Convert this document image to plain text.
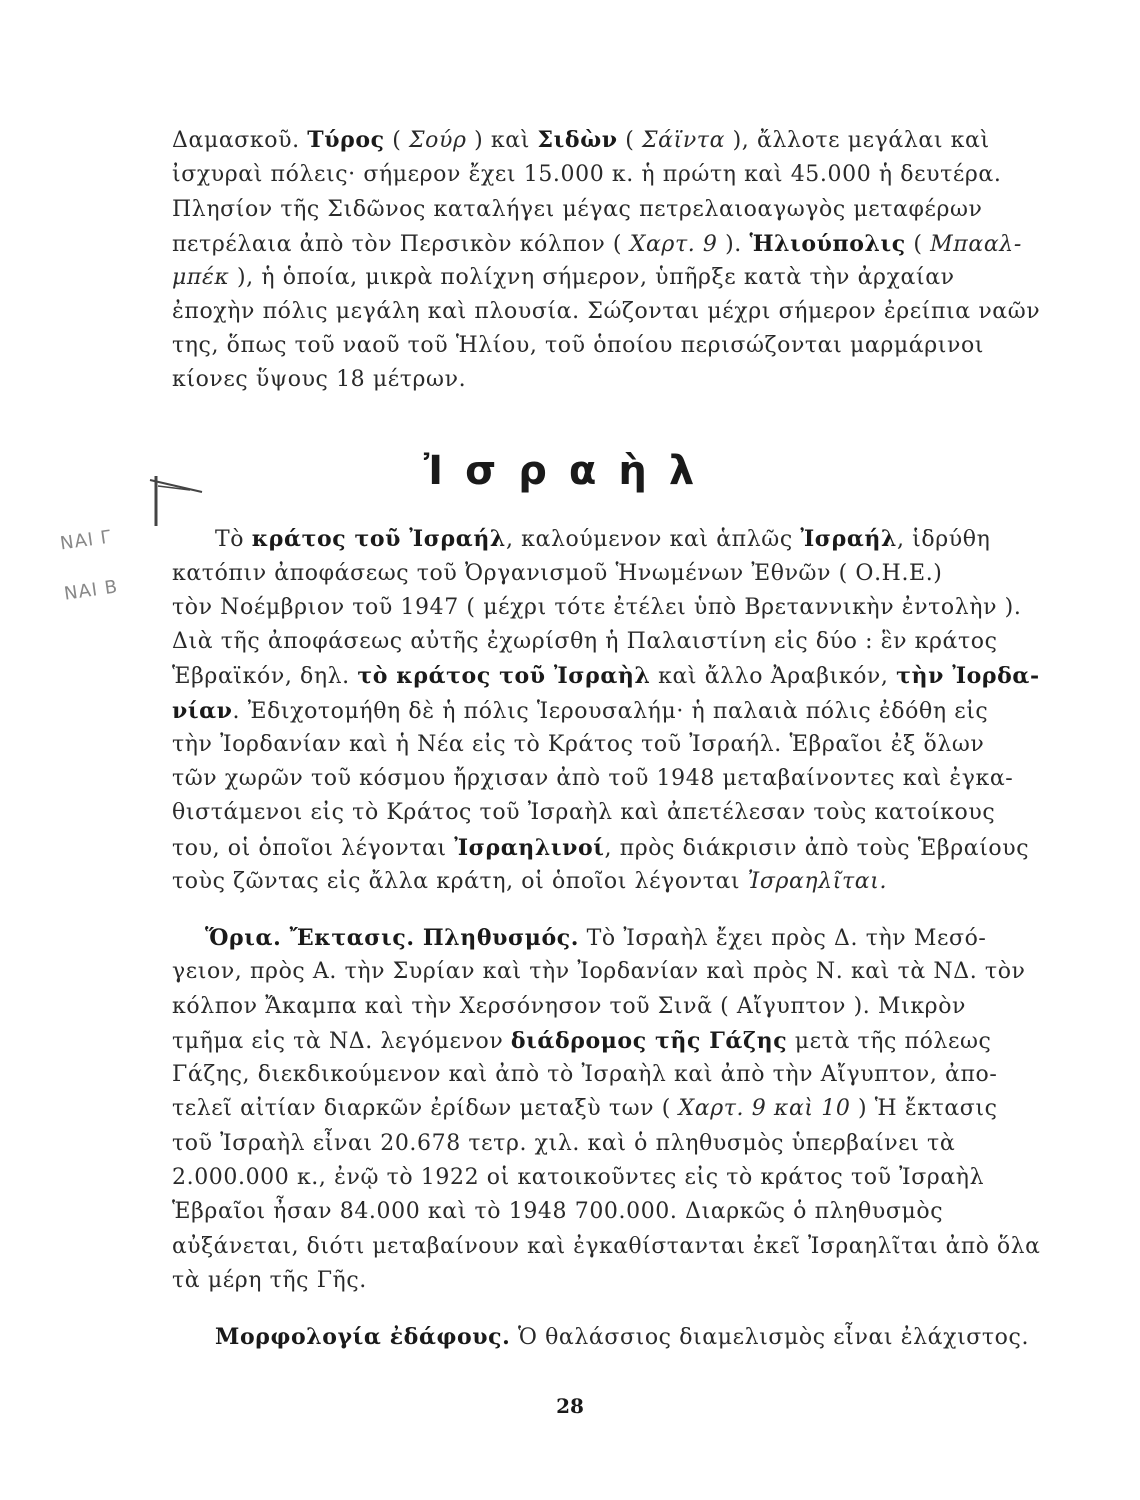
Δαμασκοῦ. Τύρος ( Σούρ ) καὶ Σιδὼν ( Σάϊντα ), ἄλλοτε μεγάλαι καὶ
ἰσχυραὶ πόλεις· σήμερον ἔχει 15.000 κ. ἡ πρώτη καὶ 45.000 ἡ δευτέρα.
Πλησίον τῆς Σιδῶνος καταλήγει μέγας πετρελαιοαγωγὸς μεταφέρων
πετρέλαια ἀπὸ τὸν Περσικὸν κόλπον ( Χαρτ. 9 ). Ἡλιούπολις ( Μπααλ-
μπέκ ), ἡ ὁποία, μικρὰ πολίχνη σήμερον, ὑπῆρξε κατὰ τὴν ἀρχαίαν
ἐποχὴν πόλις μεγάλη καὶ πλουσία. Σώζονται μέχρι σήμερον ἐρείπια ναῶν
της, ὅπως τοῦ ναοῦ τοῦ Ἡλίου, τοῦ ὁποίου περισώζονται μαρμάρινοι
κίονες ὕψους 18 μέτρων.
Ἰσραὴλ
ΝΑΙ Γ
ΝΑΙ Β
Τὸ κράτος τοῦ Ἰσραήλ, καλούμενον καὶ ἁπλῶς Ἰσραήλ, ἱδρύθη
κατόπιν ἀποφάσεως τοῦ Ὀργανισμοῦ Ἡνωμένων Ἐθνῶν ( Ο.Η.Ε.)
τὸν Νοέμβριον τοῦ 1947 ( μέχρι τότε ἐτέλει ὑπὸ Βρεταννικὴν ἐντολὴν ).
Διὰ τῆς ἀποφάσεως αὐτῆς ἐχωρίσθη ἡ Παλαιστίνη εἰς δύο : ἓν κράτος
Ἑβραϊκόν, δηλ. τὸ κράτος τοῦ Ἰσραὴλ καὶ ἄλλο Ἀραβικόν, τὴν Ἰορδα-
νίαν. Ἐδιχοτομήθη δὲ ἡ πόλις Ἱερουσαλήμ· ἡ παλαιὰ πόλις ἐδόθη εἰς
τὴν Ἰορδανίαν καὶ ἡ Νέα εἰς τὸ Κράτος τοῦ Ἰσραήλ. Ἑβραῖοι ἐξ ὅλων
τῶν χωρῶν τοῦ κόσμου ἤρχισαν ἀπὸ τοῦ 1948 μεταβαίνοντες καὶ ἐγκα-
θιστάμενοι εἰς τὸ Κράτος τοῦ Ἰσραὴλ καὶ ἀπετέλεσαν τοὺς κατοίκους
του, οἱ ὁποῖοι λέγονται Ἰσραηλινοί, πρὸς διάκρισιν ἀπὸ τοὺς Ἑβραίους
τοὺς ζῶντας εἰς ἄλλα κράτη, οἱ ὁποῖοι λέγονται Ἰσραηλῖται.
Ὅρια. Ἔκτασις. Πληθυσμός. Τὸ Ἰσραὴλ ἔχει πρὸς Δ. τὴν Μεσό-
γειον, πρὸς Α. τὴν Συρίαν καὶ τὴν Ἰορδανίαν καὶ πρὸς Ν. καὶ τὰ ΝΔ. τὸν
κόλπον Ἄκαμπα καὶ τὴν Χερσόνησον τοῦ Σινᾶ ( Αἴγυπτον ). Μικρὸν
τμῆμα εἰς τὰ ΝΔ. λεγόμενον διάδρομος τῆς Γάζης μετὰ τῆς πόλεως
Γάζης, διεκδικούμενον καὶ ἀπὸ τὸ Ἰσραὴλ καὶ ἀπὸ τὴν Αἴγυπτον, ἀπο-
τελεῖ αἰτίαν διαρκῶν ἐρίδων μεταξὺ των ( Χαρτ. 9 καὶ 10 ) Ἡ ἔκτασις
τοῦ Ἰσραὴλ εἶναι 20.678 τετρ. χιλ. καὶ ὁ πληθυσμὸς ὑπερβαίνει τὰ
2.000.000 κ., ἐνῷ τὸ 1922 οἱ κατοικοῦντες εἰς τὸ κράτος τοῦ Ἰσραὴλ
Ἑβραῖοι ἦσαν 84.000 καὶ τὸ 1948 700.000. Διαρκῶς ὁ πληθυσμὸς
αὐξάνεται, διότι μεταβαίνουν καὶ ἐγκαθίστανται ἐκεῖ Ἰσραηλῖται ἀπὸ ὅλα
τὰ μέρη τῆς Γῆς.
Μορφολογία ἐδάφους. Ὁ θαλάσσιος διαμελισμὸς εἶναι ἐλάχιστος.
28
